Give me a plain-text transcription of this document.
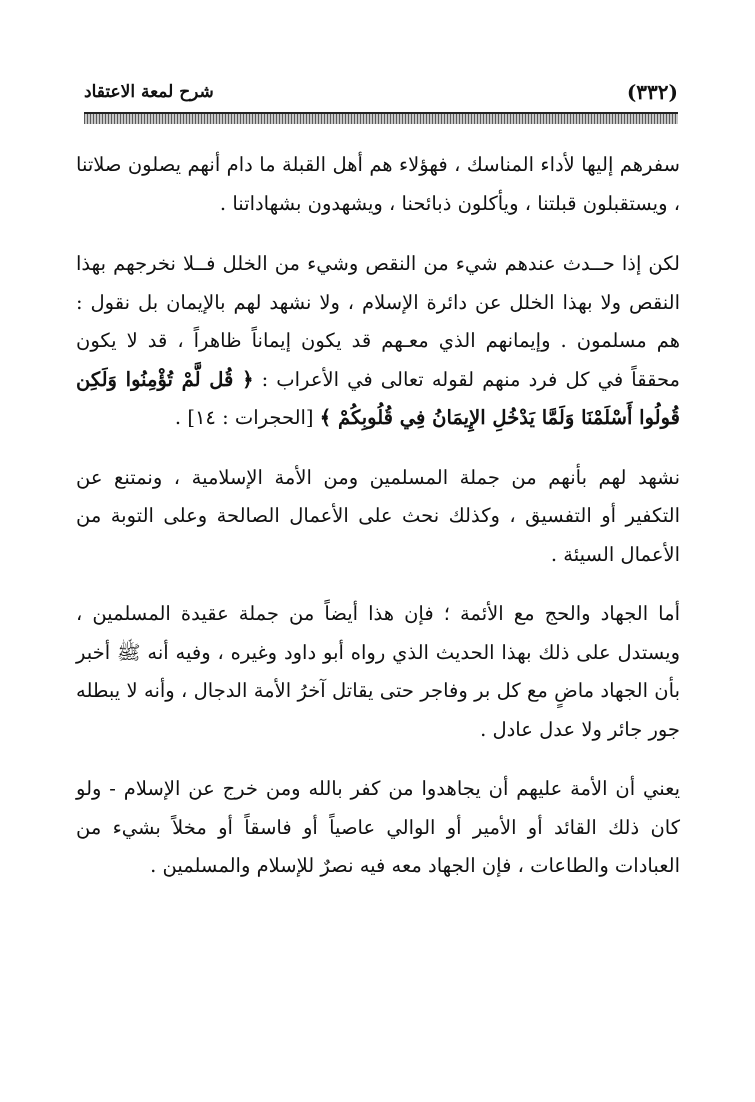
(٣٣٢)
شرح لمعة الاعتقاد

سفرهم إليها لأداء المناسك ، فهؤلاء هم أهل القبلة ما دام أنهم يصلون صلاتنا ، ويستقبلون قبلتنا ، ويأكلون ذبائحنا ، ويشهدون بشهاداتنا .

لكن إذا حــدث عندهم شيء من النقص وشيء من الخلل فــلا نخرجهم بهذا النقص ولا بهذا الخلل عن دائرة الإسلام ، ولا نشهد لهم بالإيمان بل نقول : هم مسلمون . وإيمانهم الذي معـهم قد يكون إيماناً ظاهراً ، قد لا يكون محققاً في كل فرد منهم لقوله تعالى في الأعراب : ﴿ قُل لَّمْ تُؤْمِنُوا وَلَكِن قُولُوا أَسْلَمْنَا وَلَمَّا يَدْخُلِ الإِيمَانُ فِي قُلُوبِكُمْ ﴾ [الحجرات : ١٤] .

نشهد لهم بأنهم من جملة المسلمين ومن الأمة الإسلامية ، ونمتنع عن التكفير أو التفسيق ، وكذلك نحث على الأعمال الصالحة وعلى التوبة من الأعمال السيئة .

أما الجهاد والحج مع الأئمة ؛ فإن هذا أيضاً من جملة عقيدة المسلمين ، ويستدل على ذلك بهذا الحديث الذي رواه أبو داود وغيره ، وفيه أنه ﷺ أخبر بأن الجهاد ماضٍ مع كل بر وفاجر حتى يقاتل آخرُ الأمة الدجال ، وأنه لا يبطله جور جائر ولا عدل عادل .

يعني أن الأمة عليهم أن يجاهدوا من كفر بالله ومن خرج عن الإسلام - ولو كان ذلك القائد أو الأمير أو الوالي عاصياً أو فاسقاً أو مخلاً بشيء من العبادات والطاعات ، فإن الجهاد معه فيه نصرٌ للإسلام والمسلمين .
